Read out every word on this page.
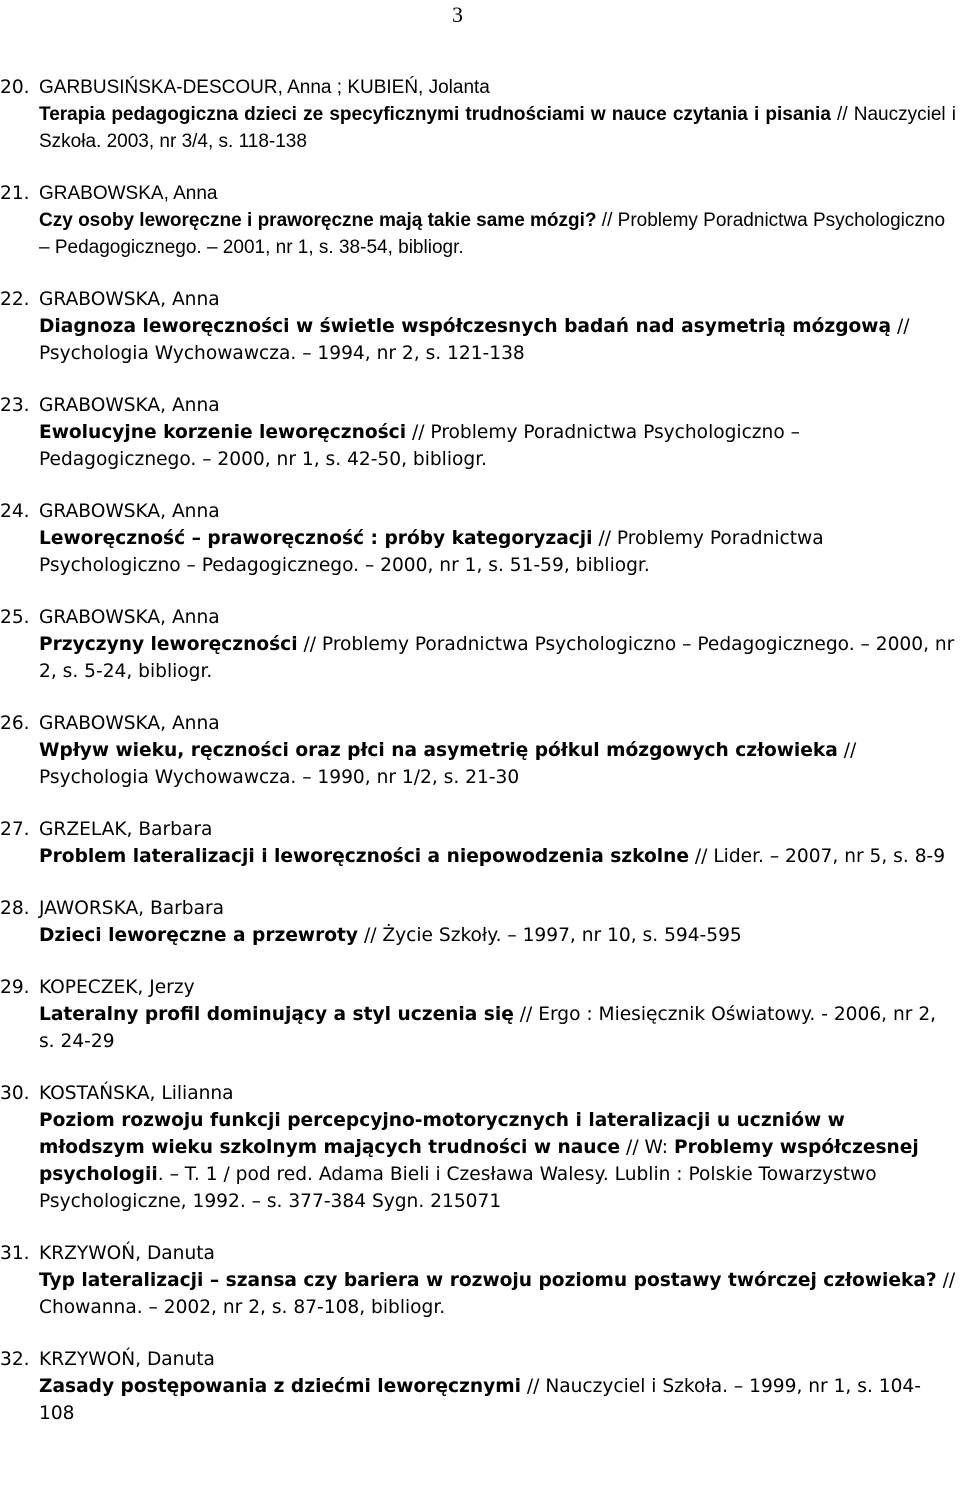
3
20. GARBUSIŃSKA-DESCOUR, Anna ; KUBIEŃ, Jolanta
Terapia pedagogiczna dzieci ze specyficznymi trudnościami w nauce czytania i pisania // Nauczyciel i Szkoła. 2003, nr 3/4, s. 118-138
21. GRABOWSKA, Anna
Czy osoby leworęczne i praworęczne mają takie same mózgi? // Problemy Poradnictwa Psychologiczno – Pedagogicznego. – 2001, nr 1, s. 38-54, bibliogr.
22. GRABOWSKA, Anna
Diagnoza leworęczności w świetle współczesnych badań nad asymetrią mózgową // Psychologia Wychowawcza. – 1994, nr 2, s. 121-138
23. GRABOWSKA, Anna
Ewolucyjne korzenie leworęczności // Problemy Poradnictwa Psychologiczno – Pedagogicznego. – 2000, nr 1, s. 42-50, bibliogr.
24. GRABOWSKA, Anna
Leworęczność – praworęczność : próby kategoryzacji // Problemy Poradnictwa Psychologiczno – Pedagogicznego. – 2000, nr 1, s. 51-59, bibliogr.
25. GRABOWSKA, Anna
Przyczyny leworęczności // Problemy Poradnictwa Psychologiczno – Pedagogicznego. – 2000, nr 2, s. 5-24, bibliogr.
26. GRABOWSKA, Anna
Wpływ wieku, ręczności oraz płci na asymetrię półkul mózgowych człowieka // Psychologia Wychowawcza. – 1990, nr 1/2, s. 21-30
27. GRZELAK, Barbara
Problem lateralizacji i leworęczności a niepowodzenia szkolne // Lider. – 2007, nr 5, s. 8-9
28. JAWORSKA, Barbara
Dzieci leworęczne a przewroty // Życie Szkoły. – 1997, nr 10, s. 594-595
29. KOPECZEK, Jerzy
Lateralny profil dominujący a styl uczenia się // Ergo : Miesięcznik Oświatowy. - 2006, nr 2, s. 24-29
30. KOSTAŃSKA, Lilianna
Poziom rozwoju funkcji percepcyjno-motorycznych i lateralizacji u uczniów w młodszym wieku szkolnym mających trudności w nauce // W: Problemy współczesnej psychologii. – T. 1 / pod red. Adama Bieli i Czesława Walesy. Lublin : Polskie Towarzystwo Psychologiczne, 1992. – s. 377-384 Sygn. 215071
31. KRZYWOŃ, Danuta
Typ lateralizacji – szansa czy bariera w rozwoju poziomu postawy twórczej człowieka? // Chowanna. – 2002, nr 2, s. 87-108, bibliogr.
32. KRZYWOŃ, Danuta
Zasady postępowania z dziećmi leworęcznymi // Nauczyciel i Szkoła. – 1999, nr 1, s. 104-108
